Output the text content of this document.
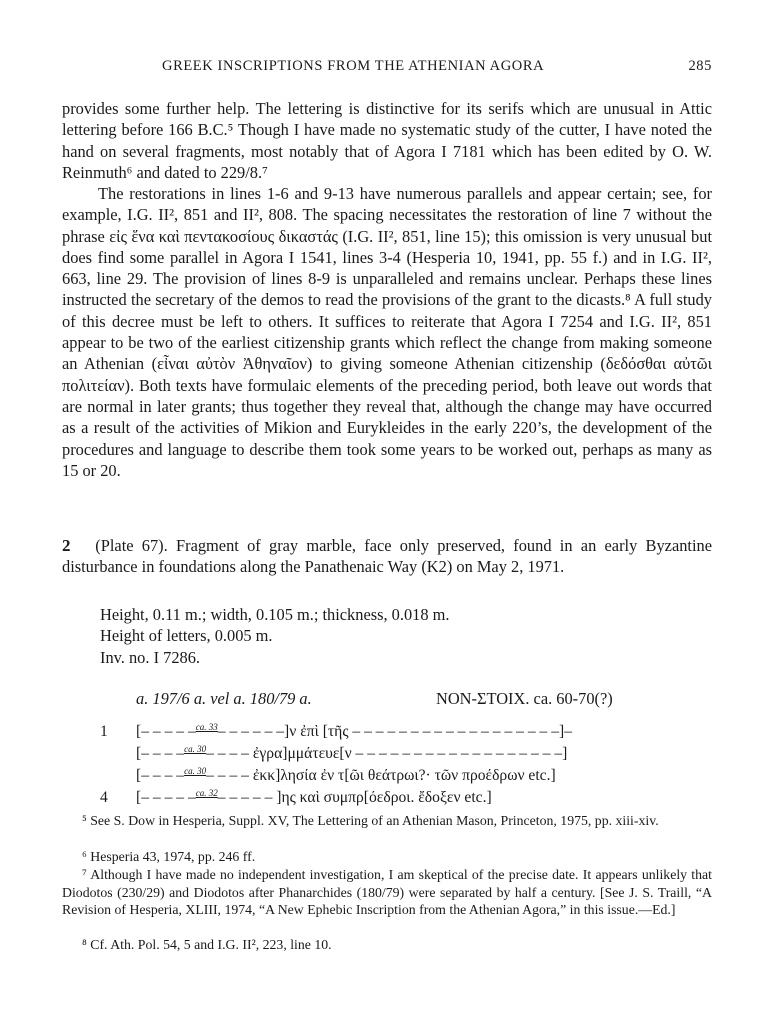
GREEK INSCRIPTIONS FROM THE ATHENIAN AGORA	285

provides some further help. The lettering is distinctive for its serifs which are unusual in Attic lettering before 166 B.C.⁵ Though I have made no systematic study of the cutter, I have noted the hand on several fragments, most notably that of Agora I 7181 which has been edited by O. W. Reinmuth⁶ and dated to 229/8.⁷

The restorations in lines 1-6 and 9-13 have numerous parallels and appear certain; see, for example, I.G. II², 851 and II², 808. The spacing necessitates the restoration of line 7 without the phrase εἰς ἕνα καὶ πεντακοσίους δικαστάς (I.G. II², 851, line 15); this omission is very unusual but does find some parallel in Agora I 1541, lines 3-4 (Hesperia 10, 1941, pp. 55 f.) and in I.G. II², 663, line 29. The provision of lines 8-9 is unparalleled and remains unclear. Perhaps these lines instructed the secretary of the demos to read the provisions of the grant to the dicasts.⁸ A full study of this decree must be left to others. It suffices to reiterate that Agora I 7254 and I.G. II², 851 appear to be two of the earliest citizenship grants which reflect the change from making someone an Athenian (εἶναι αὐτὸν Ἀθηναῖον) to giving someone Athenian citizenship (δεδόσθαι αὐτῶι πολιτείαν). Both texts have formulaic elements of the preceding period, both leave out words that are normal in later grants; thus together they reveal that, although the change may have occurred as a result of the activities of Mikion and Eurykleides in the early 220’s, the development of the procedures and language to describe them took some years to be worked out, perhaps as many as 15 or 20.

2 (Plate 67). Fragment of gray marble, face only preserved, found in an early Byzantine disturbance in foundations along the Panathenaic Way (K2) on May 2, 1971.

Height, 0.11 m.; width, 0.105 m.; thickness, 0.018 m.
Height of letters, 0.005 m.
Inv. no. I 7286.
a. 197/6 a. vel a. 180/79 a.	NON-ΣΤΟΙΧ. ca. 60-70(?)
1 [– – – – –$^{ca. 33}$– – – – – –]ν ἐπὶ [τῆς – – – – – – – – – – – – – – – – – –]–
[– – – –$^{ca. 30}$– – – – ἐγρα]μμάτευε[ν – – – – – – – – – – – – – – – – – –]
[– – – –$^{ca. 30}$– – – – ἐκκ]λησία ἐν τ[ῶι θεάτρωι?· τῶν προέδρων etc.]
4 [– – – – –$^{ca. 32}$– – – – – ]ης καὶ συμπρ[όεδροι. ἔδοξεν etc.]

⁵ See S. Dow in Hesperia, Suppl. XV, The Lettering of an Athenian Mason, Princeton, 1975, pp. xiii-xiv.

⁶ Hesperia 43, 1974, pp. 246 ff.

⁷ Although I have made no independent investigation, I am skeptical of the precise date. It appears unlikely that Diodotos (230/29) and Diodotos after Phanarchides (180/79) were separated by half a century. [See J. S. Traill, “A Revision of Hesperia, XLIII, 1974, “A New Ephebic Inscription from the Athenian Agora,” in this issue.—Ed.]

⁸ Cf. Ath. Pol. 54, 5 and I.G. II², 223, line 10.
